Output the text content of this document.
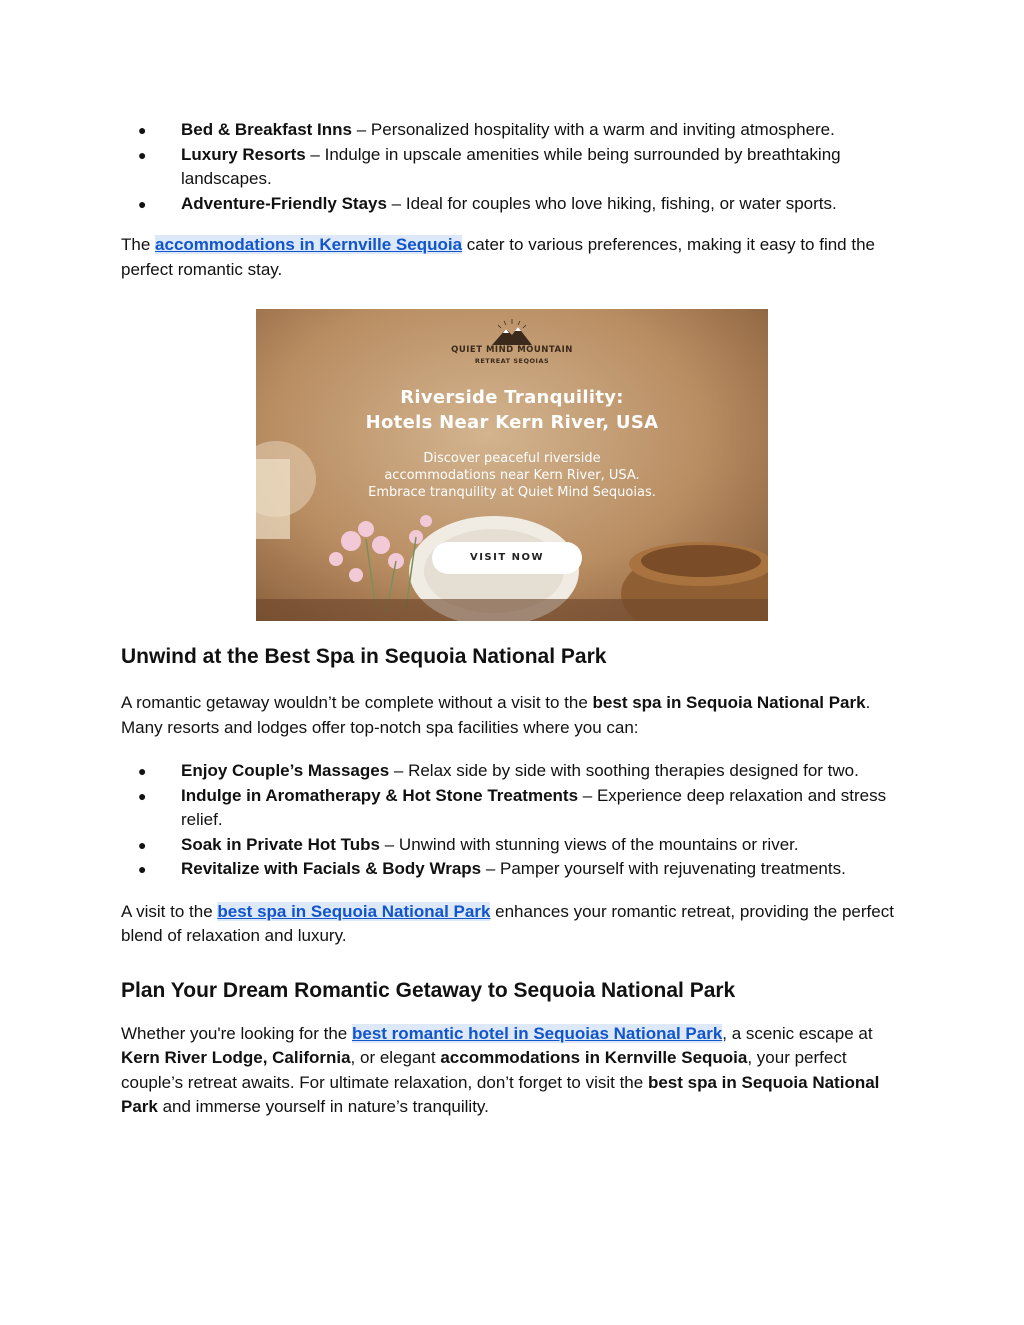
● Bed & Breakfast Inns – Personalized hospitality with a warm and inviting atmosphere.
● Luxury Resorts – Indulge in upscale amenities while being surrounded by breathtaking landscapes.
● Adventure-Friendly Stays – Ideal for couples who love hiking, fishing, or water sports.

The accommodations in Kernville Sequoia cater to various preferences, making it easy to find the perfect romantic stay.

Unwind at the Best Spa in Sequoia National Park

A romantic getaway wouldn’t be complete without a visit to the best spa in Sequoia National Park. Many resorts and lodges offer top-notch spa facilities where you can:

● Enjoy Couple’s Massages – Relax side by side with soothing therapies designed for two.
● Indulge in Aromatherapy & Hot Stone Treatments – Experience deep relaxation and stress relief.
● Soak in Private Hot Tubs – Unwind with stunning views of the mountains or river.
● Revitalize with Facials & Body Wraps – Pamper yourself with rejuvenating treatments.

A visit to the best spa in Sequoia National Park enhances your romantic retreat, providing the perfect blend of relaxation and luxury.

Plan Your Dream Romantic Getaway to Sequoia National Park

Whether you're looking for the best romantic hotel in Sequoias National Park, a scenic escape at Kern River Lodge, California, or elegant accommodations in Kernville Sequoia, your perfect couple’s retreat awaits. For ultimate relaxation, don’t forget to visit the best spa in Sequoia National Park and immerse yourself in nature’s tranquility.

QUIET MIND MOUNTAIN
RETREAT SEQOIAS
Riverside Tranquility:
Hotels Near Kern River, USA
Discover peaceful riverside
accommodations near Kern River, USA.
Embrace tranquility at Quiet Mind Sequoias.
VISIT NOW
